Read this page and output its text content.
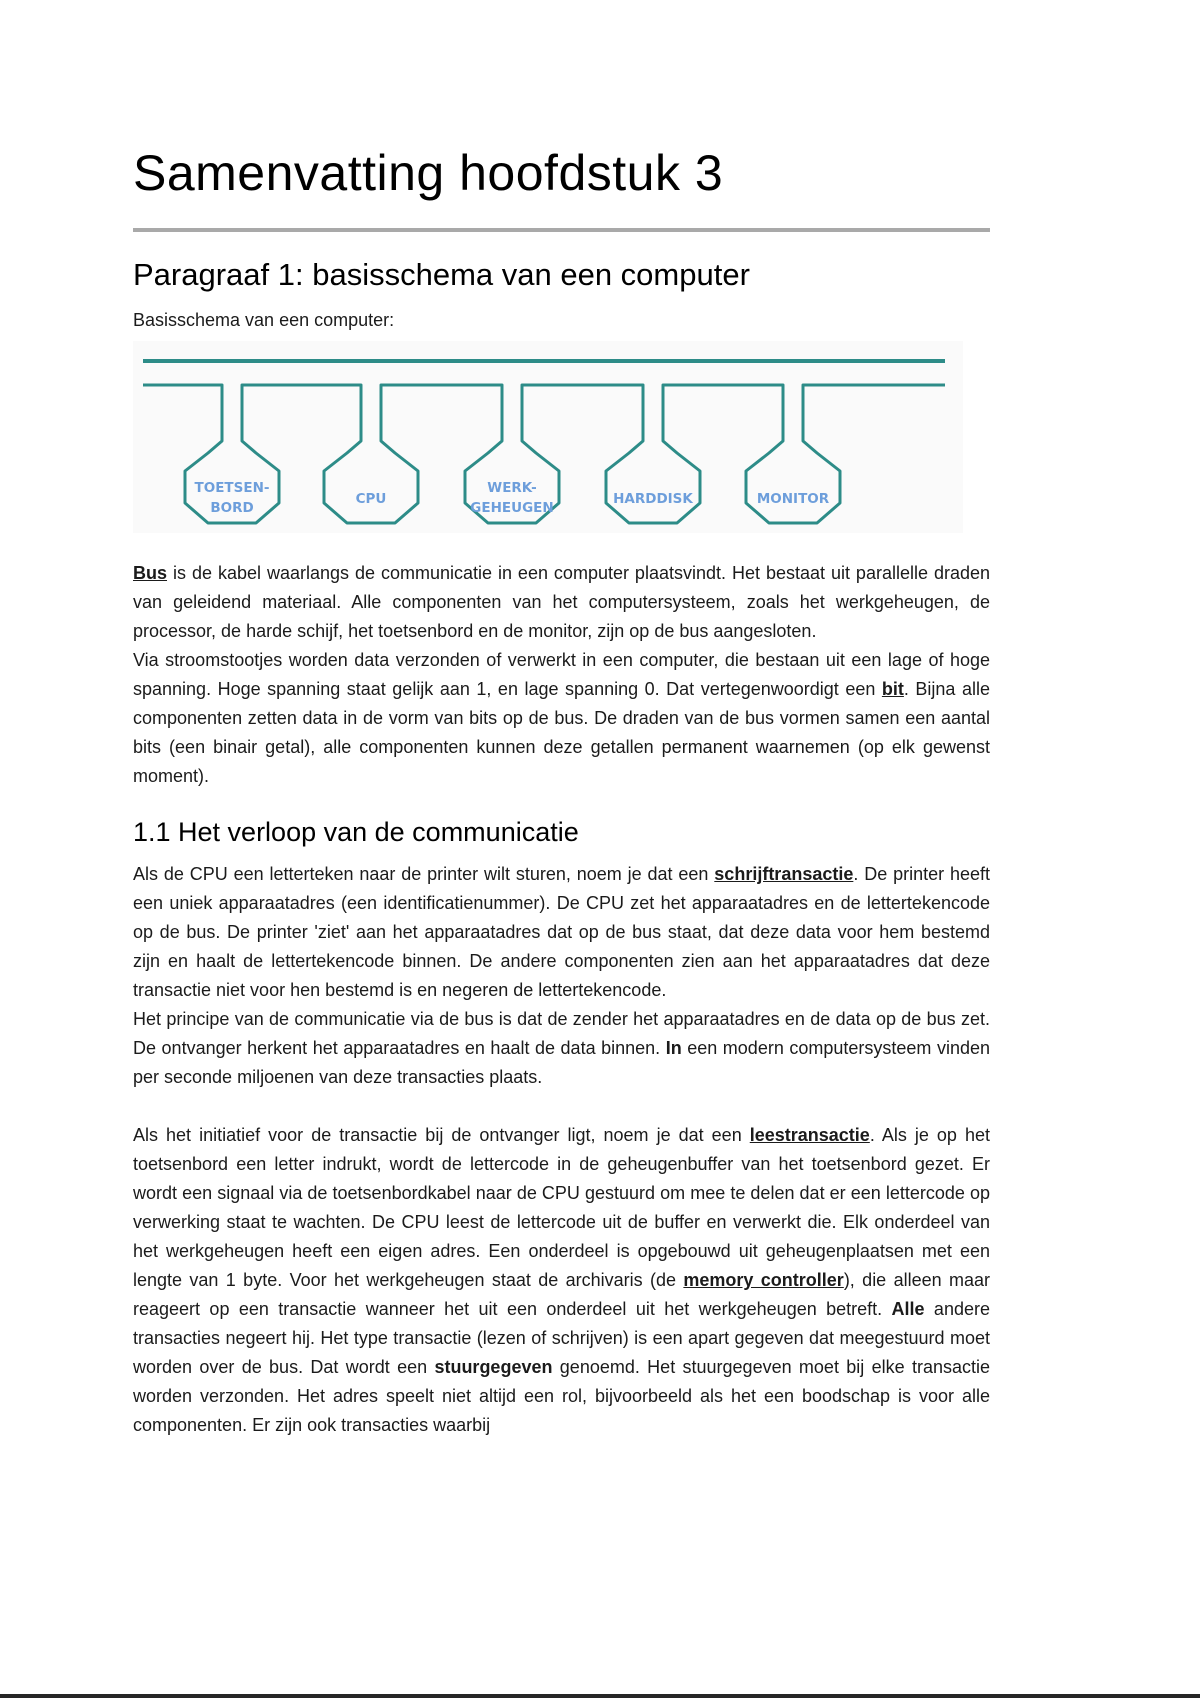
Samenvatting hoofdstuk 3
Paragraaf 1: basisschema van een computer
Basisschema van een computer:
TOETSEN-
BORD
CPU
WERK-
GEHEUGEN
HARDDISK	MONITOR

Bus is de kabel waarlangs de communicatie in een computer plaatsvindt. Het bestaat uit parallelle draden van geleidend materiaal. Alle componenten van het computersysteem, zoals het werkgeheugen, de processor, de harde schijf, het toetsenbord en de monitor, zijn op de bus aangesloten.

Via stroomstootjes worden data verzonden of verwerkt in een computer, die bestaan uit een lage of hoge spanning. Hoge spanning staat gelijk aan 1, en lage spanning 0. Dat vertegenwoordigt een bit. Bijna alle componenten zetten data in de vorm van bits op de bus. De draden van de bus vormen samen een aantal bits (een binair getal), alle componenten kunnen deze getallen permanent waarnemen (op elk gewenst moment).

1.1 Het verloop van de communicatie

Als de CPU een letterteken naar de printer wilt sturen, noem je dat een schrijftransactie. De printer heeft een uniek apparaatadres (een identificatienummer). De CPU zet het apparaatadres en de lettertekencode op de bus. De printer 'ziet' aan het apparaatadres dat op de bus staat, dat deze data voor hem bestemd zijn en haalt de lettertekencode binnen. De andere componenten zien aan het apparaatadres dat deze transactie niet voor hen bestemd is en negeren de lettertekencode.

Het principe van de communicatie via de bus is dat de zender het apparaatadres en de data op de bus zet. De ontvanger herkent het apparaatadres en haalt de data binnen. In een modern computersysteem vinden per seconde miljoenen van deze transacties plaats.

Als het initiatief voor de transactie bij de ontvanger ligt, noem je dat een leestransactie. Als je op het toetsenbord een letter indrukt, wordt de lettercode in de geheugenbuffer van het toetsenbord gezet. Er wordt een signaal via de toetsenbordkabel naar de CPU gestuurd om mee te delen dat er een lettercode op verwerking staat te wachten. De CPU leest de lettercode uit de buffer en verwerkt die. Elk onderdeel van het werkgeheugen heeft een eigen adres. Een onderdeel is opgebouwd uit geheugenplaatsen met een lengte van 1 byte. Voor het werkgeheugen staat de archivaris (de memory controller), die alleen maar reageert op een transactie wanneer het uit een onderdeel uit het werkgeheugen betreft. Alle andere transacties negeert hij. Het type transactie (lezen of schrijven) is een apart gegeven dat meegestuurd moet worden over de bus. Dat wordt een stuurgegeven genoemd. Het stuurgegeven moet bij elke transactie worden verzonden. Het adres speelt niet altijd een rol, bijvoorbeeld als het een boodschap is voor alle componenten. Er zijn ook transacties waarbij
